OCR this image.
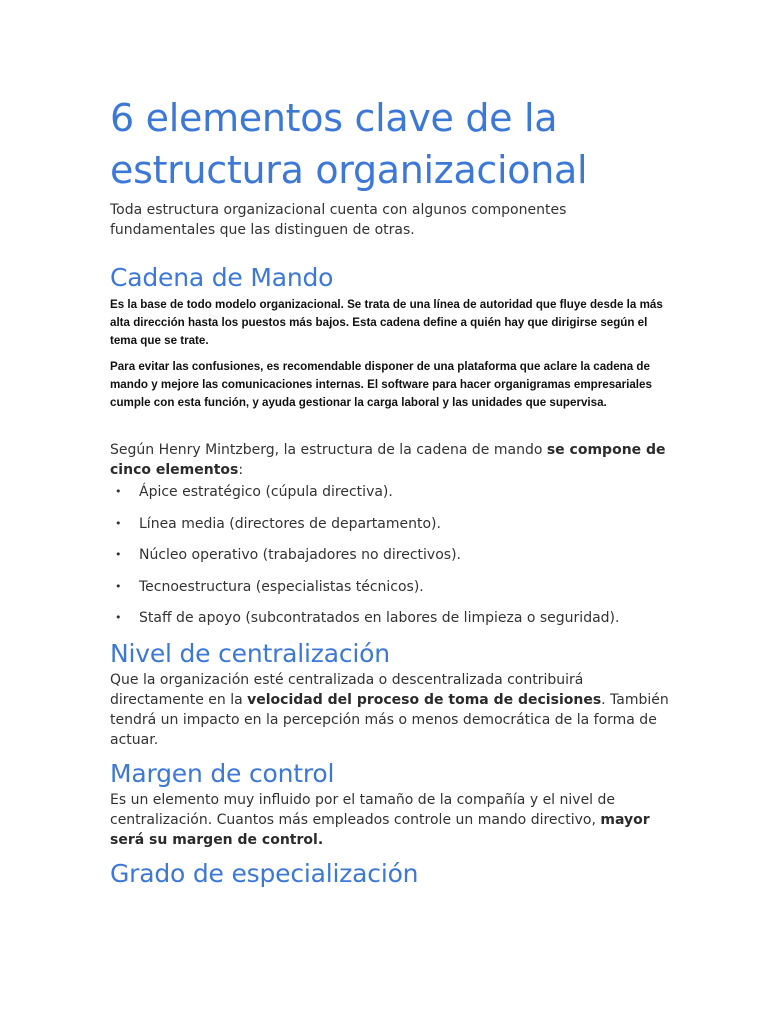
6 elementos clave de la estructura organizacional

Toda estructura organizacional cuenta con algunos componentes fundamentales que las distinguen de otras.

Cadena de Mando

Es la base de todo modelo organizacional. Se trata de una línea de autoridad que fluye desde la más alta dirección hasta los puestos más bajos. Esta cadena define a quién hay que dirigirse según el tema que se trate.

Para evitar las confusiones, es recomendable disponer de una plataforma que aclare la cadena de mando y mejore las comunicaciones internas. El software para hacer organigramas empresariales cumple con esta función, y ayuda gestionar la carga laboral y las unidades que supervisa.

Según Henry Mintzberg, la estructura de la cadena de mando se compone de cinco elementos:

• Ápice estratégico (cúpula directiva).
• Línea media (directores de departamento).
• Núcleo operativo (trabajadores no directivos).
• Tecnoestructura (especialistas técnicos).
• Staff de apoyo (subcontratados en labores de limpieza o seguridad).
Nivel de centralización

Que la organización esté centralizada o descentralizada contribuirá directamente en la velocidad del proceso de toma de decisiones. También tendrá un impacto en la percepción más o menos democrática de la forma de actuar.

Margen de control

Es un elemento muy influido por el tamaño de la compañía y el nivel de centralización. Cuantos más empleados controle un mando directivo, mayor será su margen de control.

Grado de especialización
